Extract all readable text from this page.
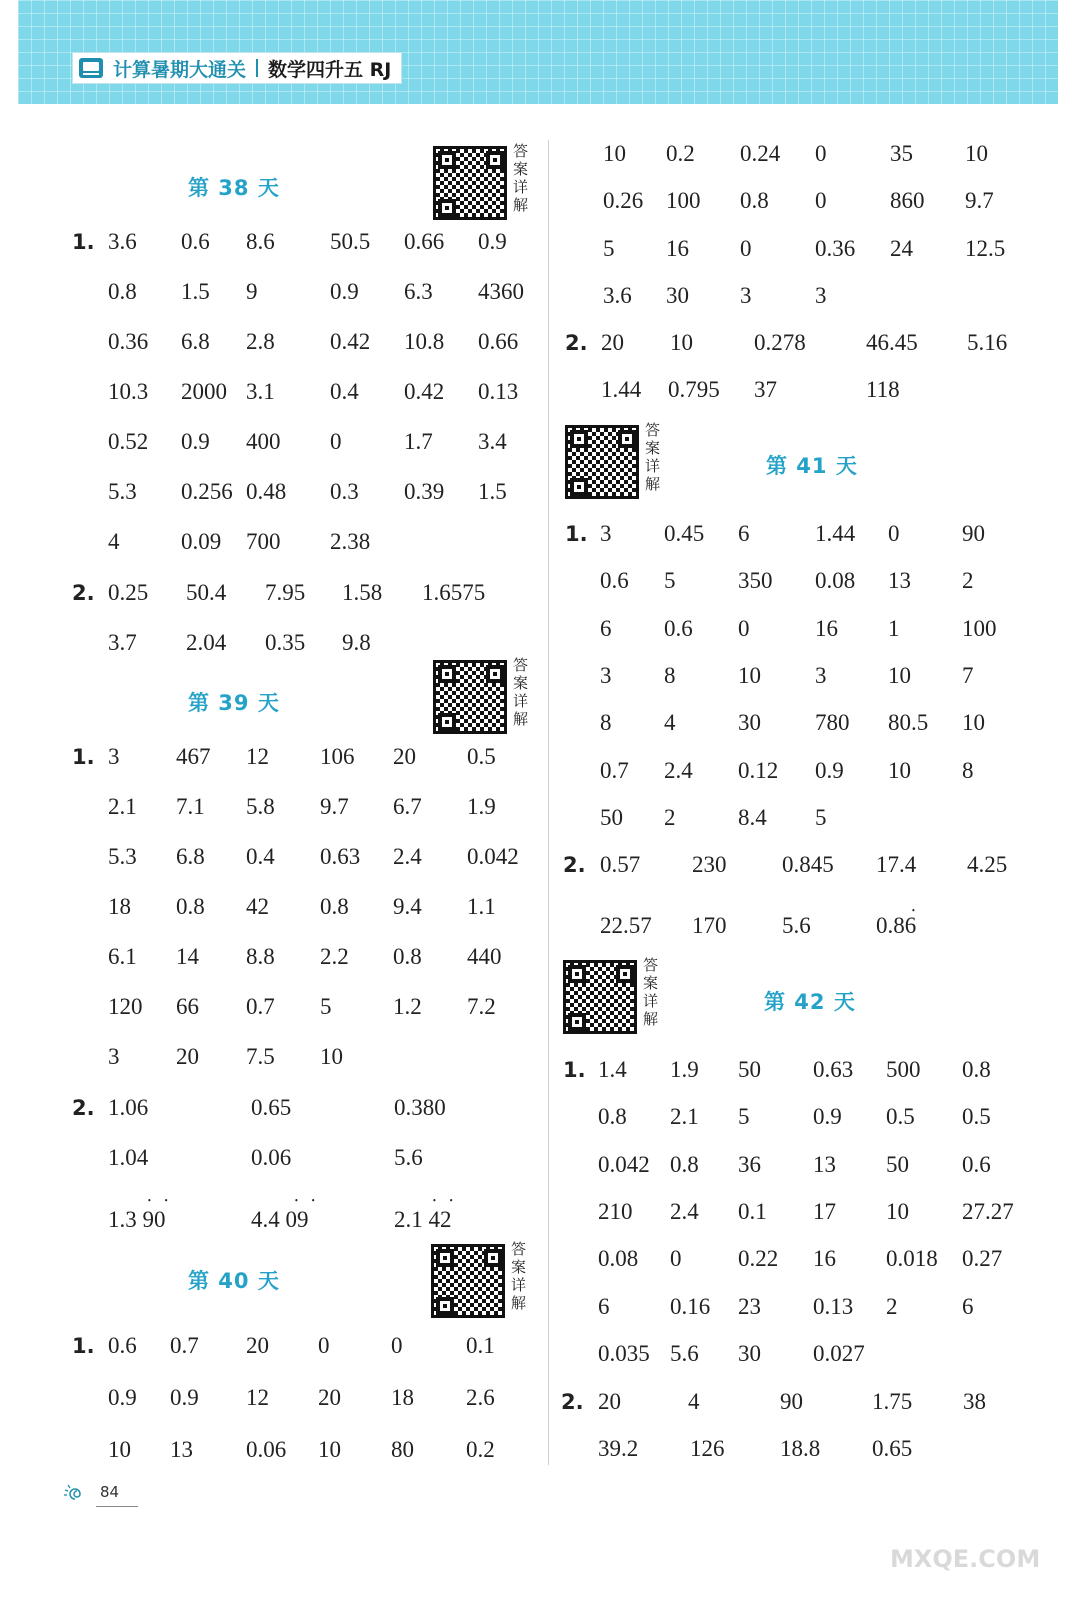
计算暑期大通关 数学四升五 RJ
第 38 天
答案详解
1. 3.6 0.6 8.6 50.5 0.66 0.9
0.8 1.5 9	0.9 6.3 4360
0.36 6.8 2.8 0.42 10.8 0.66
10.3 2000 3.1 0.4 0.42 0.13
0.52 0.9 400 0	1.7 3.4
5.3 0.256 0.48 0.3 0.39 1.5
4	0.09 700 2.38
2. 0.25 50.4 7.95 1.58 1.6575
3.7 2.04 0.35 9.8
第 39 天
答案详解
1. 3 467 12 106 20 0.5
2.1 7.1 5.8 9.7 6.7 1.9
5.3 6.8 0.4 0.63 2.4 0.042
18 0.8 42 0.8 9.4 1.1
6.1 14 8.8 2.2 0.8 440
120 66 0.7 5	1.2 7.2
3 20 7.5 10
2. 1.06	0.65	0.380
1.04	0.06	5.6
1.3 90	4.4 09	2.1 42
• •	• •	• •
第 40 天
答案详解
1. 0.6 0.7 20 0	0	0.1
0.9 0.9 12 20 18 2.6
10 13 0.06 10 80 0.2
10 0.2 0.24 0	35 10
0.26 100 0.8 0	860 9.7
5 16 0	0.36 24 12.5
3.6 30 3	3
2. 20 10	0.278	46.45 5.16
1.44 0.795 37	118
答案详解
第 41 天
1. 3 0.45 6	1.44 0	90
0.6 5	350 0.08 13 2
6 0.6 0	16 1	100
3 8	10 3	10 7
8 4	30 780 80.5 10
0.7 2.4 0.12 0.9 10 8
50 2	8.4 5
2. 0.57 230 0.845 17.4 4.25
22.57 170 5.6	0.86
•
答案详解
第 42 天
1. 1.4 1.9 50 0.63 500 0.8
0.8 2.1 5	0.9 0.5 0.5
0.042 0.8 36 13 50 0.6
210 2.4 0.1 17 10 27.27
0.08 0 0.22 16 0.018 0.27
6	0.16 23 0.13 2	6
0.035 5.6 30 0.027
2. 20	4	90	1.75 38
39.2 126 18.8 0.65
MXQE.COM
84
